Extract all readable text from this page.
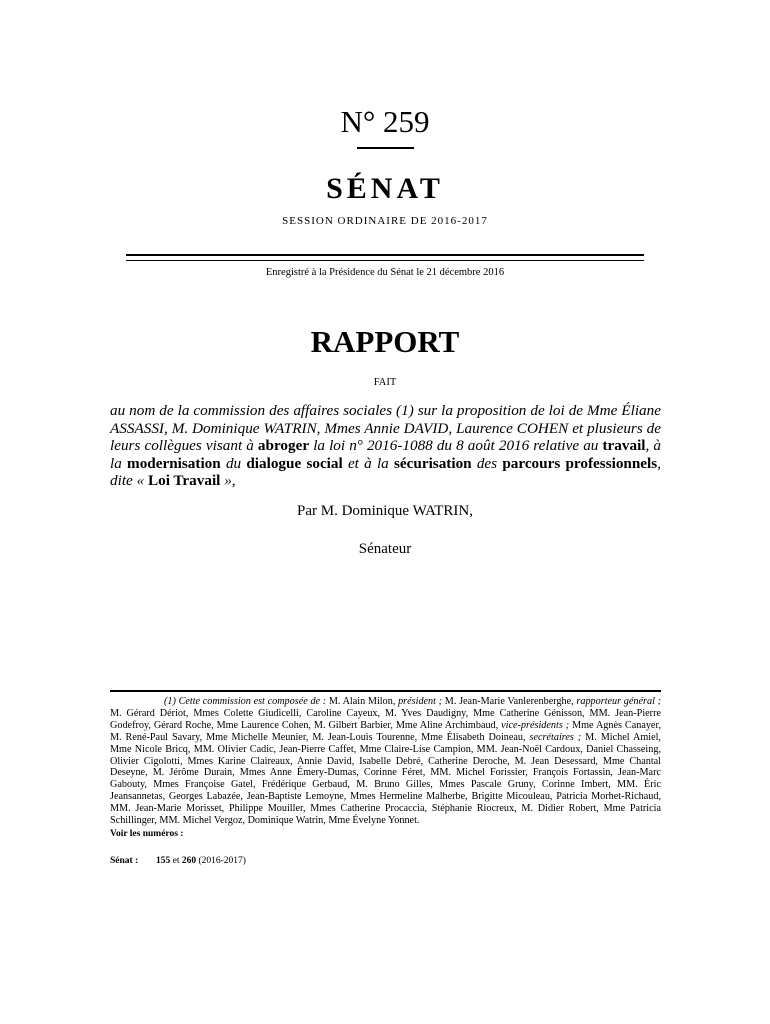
N° 259
SÉNAT
SESSION ORDINAIRE DE 2016-2017
Enregistré à la Présidence du Sénat le 21 décembre 2016
RAPPORT
FAIT
au nom de la commission des affaires sociales (1) sur la proposition de loi de Mme Éliane ASSASSI, M. Dominique WATRIN, Mmes Annie DAVID, Laurence COHEN et plusieurs de leurs collègues visant à abroger la loi n° 2016-1088 du 8 août 2016 relative au travail, à la modernisation du dialogue social et à la sécurisation des parcours professionnels, dite « Loi Travail »,
Par M. Dominique WATRIN,
Sénateur
(1) Cette commission est composée de : M. Alain Milon, président ; M. Jean-Marie Vanlerenberghe, rapporteur général ; M. Gérard Dériot, Mmes Colette Giudicelli, Caroline Cayeux, M. Yves Daudigny, Mme Catherine Génisson, MM. Jean-Pierre Godefroy, Gérard Roche, Mme Laurence Cohen, M. Gilbert Barbier, Mme Aline Archimbaud, vice-présidents ; Mme Agnès Canayer, M. René-Paul Savary, Mme Michelle Meunier, M. Jean-Louis Tourenne, Mme Élisabeth Doineau, secrétaires ; M. Michel Amiel, Mme Nicole Bricq, MM. Olivier Cadic, Jean-Pierre Caffet, Mme Claire-Lise Campion, MM. Jean-Noël Cardoux, Daniel Chasseing, Olivier Cigolotti, Mmes Karine Claireaux, Annie David, Isabelle Debré, Catherine Deroche, M. Jean Desessard, Mme Chantal Deseyne, M. Jérôme Durain, Mmes Anne Émery-Dumas, Corinne Féret, MM. Michel Forissier, François Fortassin, Jean-Marc Gabouty, Mmes Françoise Gatel, Frédérique Gerbaud, M. Bruno Gilles, Mmes Pascale Gruny, Corinne Imbert, MM. Éric Jeansannetas, Georges Labazée, Jean-Baptiste Lemoyne, Mmes Hermeline Malherbe, Brigitte Micouleau, Patricia Morhet-Richaud, MM. Jean-Marie Morisset, Philippe Mouiller, Mmes Catherine Procaccia, Stéphanie Riocreux, M. Didier Robert, Mme Patricia Schillinger, MM. Michel Vergoz, Dominique Watrin, Mme Évelyne Yonnet.
Voir les numéros :
Sénat : 155 et 260 (2016-2017)
